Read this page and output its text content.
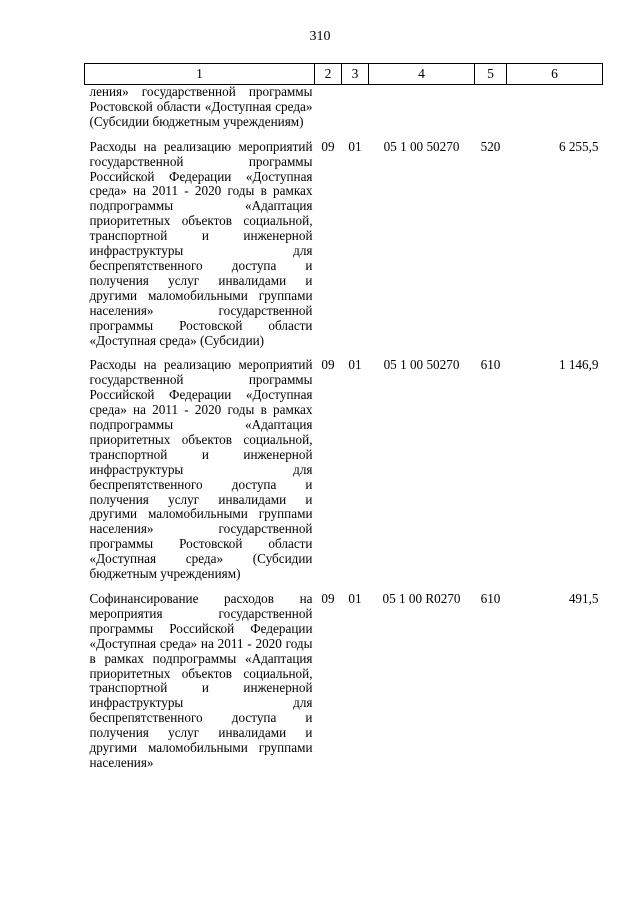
310
1	2	3	4	5	6
ления» государственной программы Ростовской области «Доступная среда» (Субсидии бюджетным учреждениям)					
Расходы на реализацию мероприятий государственной программы Российской Федерации «Доступная среда» на 2011 - 2020 годы в рамках подпрограммы «Адаптация приоритетных объектов социальной, транспортной и инженерной инфраструктуры для беспрепятственного доступа и получения услуг инвалидами и другими маломобильными группами населения» государственной программы Ростовской области «Доступная среда» (Субсидии)	09	01	05 1 00 50270	520	6 255,5
Расходы на реализацию мероприятий государственной программы Российской Федерации «Доступная среда» на 2011 - 2020 годы в рамках подпрограммы «Адаптация приоритетных объектов социальной, транспортной и инженерной инфраструктуры для беспрепятственного доступа и получения услуг инвалидами и другими маломобильными группами населения» государственной программы Ростовской области «Доступная среда» (Субсидии бюджетным учреждениям)	09	01	05 1 00 50270	610	1 146,9
Софинансирование расходов на мероприятия государственной программы Российской Федерации «Доступная среда» на 2011 - 2020 годы в рамках подпрограммы «Адаптация приоритетных объектов социальной, транспортной и инженерной инфраструктуры для беспрепятственного доступа и получения услуг инвалидами и другими маломобильными группами населения»	09	01	05 1 00 R0270	610	491,5
